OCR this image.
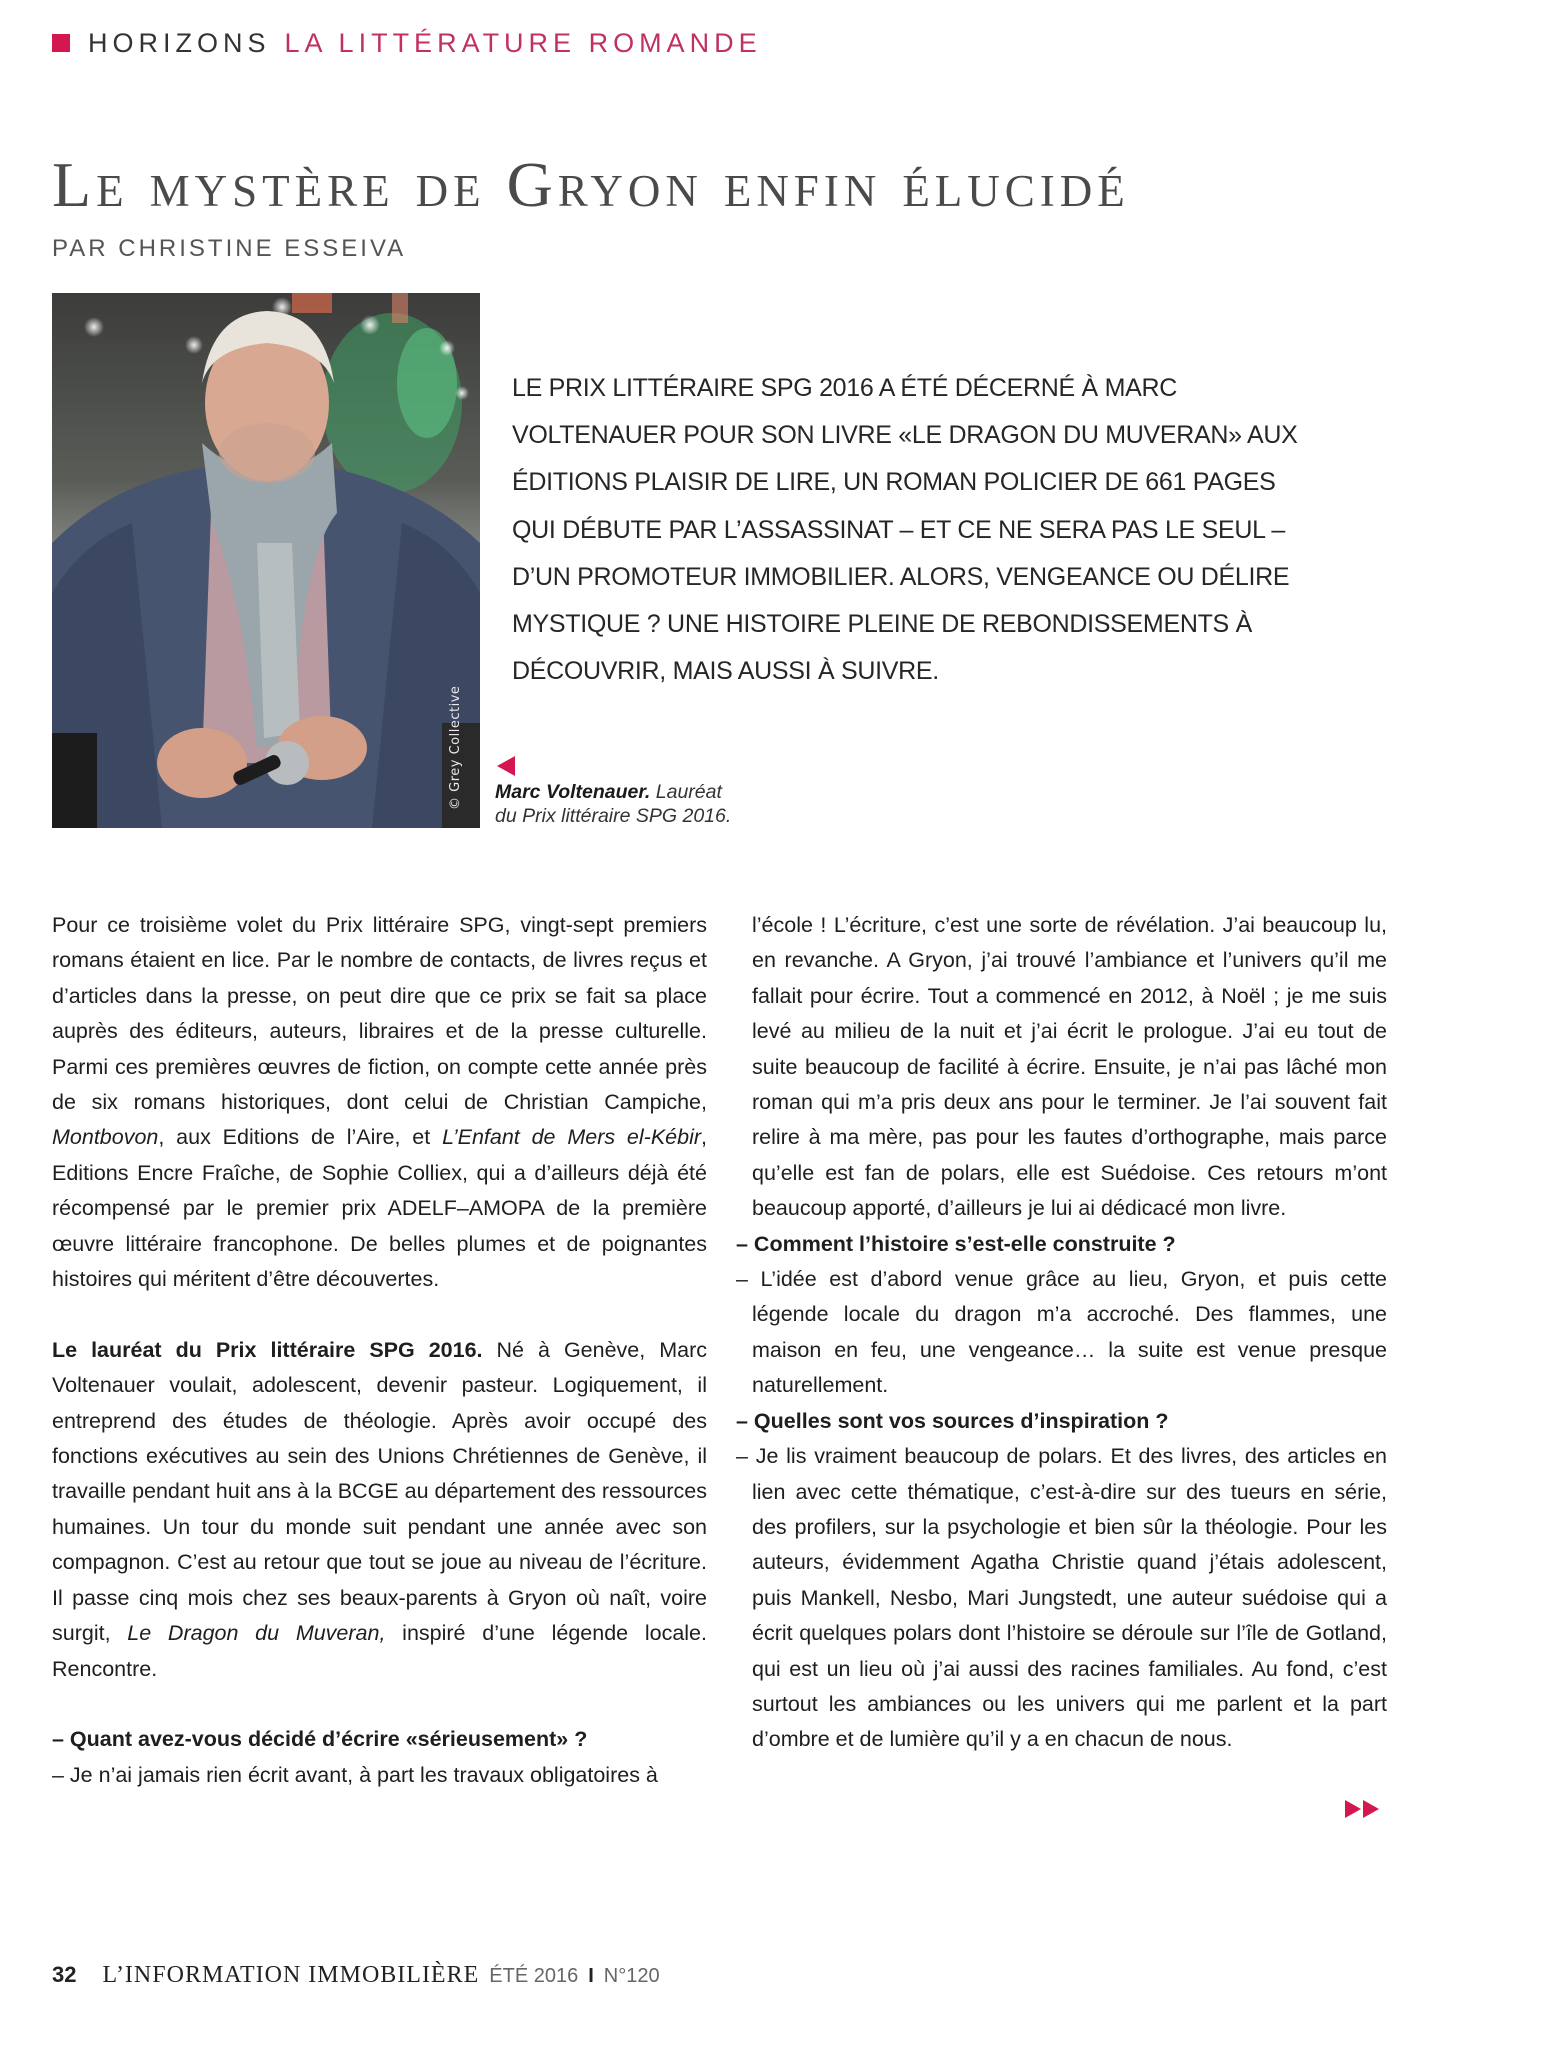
HORIZONS LA LITTÉRATURE ROMANDE
Le mystère de Gryon enfin élucidé
PAR CHRISTINE ESSEIVA
© Grey Collective

LE PRIX LITTÉRAIRE SPG 2016 A ÉTÉ DÉCERNÉ À MARC VOLTENAUER POUR SON LIVRE «LE DRAGON DU MUVERAN» AUX ÉDITIONS PLAISIR DE LIRE, UN ROMAN POLICIER DE 661 PAGES QUI DÉBUTE PAR L’ASSASSINAT – ET CE NE SERA PAS LE SEUL – D’UN PROMOTEUR IMMOBILIER. ALORS, VENGEANCE OU DÉLIRE MYSTIQUE ? UNE HISTOIRE PLEINE DE REBONDISSEMENTS À DÉCOUVRIR, MAIS AUSSI À SUIVRE.

Marc Voltenauer. Lauréat
du Prix littéraire SPG 2016.

Pour ce troisième volet du Prix littéraire SPG, vingt-sept premiers romans étaient en lice. Par le nombre de contacts, de livres reçus et d’articles dans la presse, on peut dire que ce prix se fait sa place auprès des éditeurs, auteurs, libraires et de la presse culturelle. Parmi ces premières œuvres de fiction, on compte cette année près de six romans historiques, dont celui de Christian Campiche, Montbovon, aux Editions de l’Aire, et L’Enfant de Mers el-Kébir, Editions Encre Fraîche, de Sophie Colliex, qui a d’ailleurs déjà été récompensé par le premier prix ADELF–AMOPA de la première œuvre littéraire francophone. De belles plumes et de poignantes histoires qui méritent d’être découvertes.

Le lauréat du Prix littéraire SPG 2016. Né à Genève, Marc Voltenauer voulait, adolescent, devenir pasteur. Logiquement, il entreprend des études de théologie. Après avoir occupé des fonctions exécutives au sein des Unions Chrétiennes de Genève, il travaille pendant huit ans à la BCGE au département des ressources humaines. Un tour du monde suit pendant une année avec son compagnon. C’est au retour que tout se joue au niveau de l’écriture. Il passe cinq mois chez ses beaux-parents à Gryon où naît, voire surgit, Le Dragon du Muveran, inspiré d’une légende locale. Rencontre.

– Quant avez-vous décidé d’écrire «sérieusement» ?

– Je n’ai jamais rien écrit avant, à part les travaux obligatoires à

l’école ! L’écriture, c’est une sorte de révélation. J’ai beaucoup lu, en revanche. A Gryon, j’ai trouvé l’ambiance et l’univers qu’il me fallait pour écrire. Tout a commencé en 2012, à Noël ; je me suis levé au milieu de la nuit et j’ai écrit le prologue. J’ai eu tout de suite beaucoup de facilité à écrire. Ensuite, je n’ai pas lâché mon roman qui m’a pris deux ans pour le terminer. Je l’ai souvent fait relire à ma mère, pas pour les fautes d’orthographe, mais parce qu’elle est fan de polars, elle est Suédoise. Ces retours m’ont beaucoup apporté, d’ailleurs je lui ai dédicacé mon livre.

– Comment l’histoire s’est-elle construite ?

– L’idée est d’abord venue grâce au lieu, Gryon, et puis cette légende locale du dragon m’a accroché. Des flammes, une maison en feu, une vengeance… la suite est venue presque naturellement.

– Quelles sont vos sources d’inspiration ?

– Je lis vraiment beaucoup de polars. Et des livres, des articles en lien avec cette thématique, c’est-à-dire sur des tueurs en série, des profilers, sur la psychologie et bien sûr la théologie. Pour les auteurs, évidemment Agatha Christie quand j’étais adolescent, puis Mankell, Nesbo, Mari Jungstedt, une auteur suédoise qui a écrit quelques polars dont l’histoire se déroule sur l’île de Gotland, qui est un lieu où j’ai aussi des racines familiales. Au fond, c’est surtout les ambiances ou les univers qui me parlent et la part d’ombre et de lumière qu’il y a en chacun de nous.

32 L’INFORMATION IMMOBILIÈRE ÉTÉ 2016 I N°120
